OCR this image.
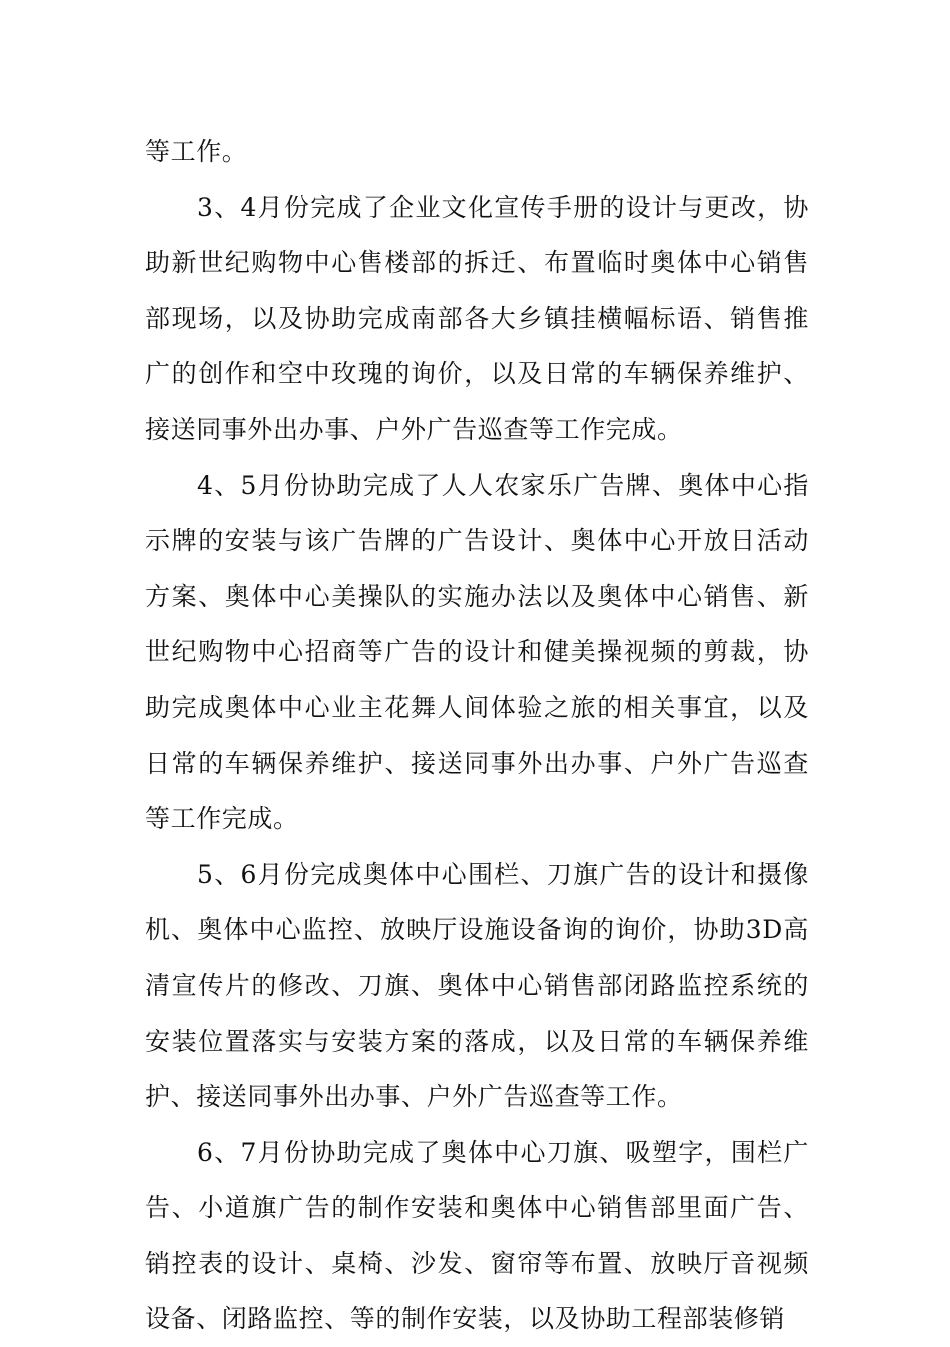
等工作。

3、4月份完成了企业文化宣传手册的设计与更改，协助新世纪购物中心售楼部的拆迁、布置临时奥体中心销售部现场，以及协助完成南部各大乡镇挂横幅标语、销售推广的创作和空中玫瑰的询价，以及日常的车辆保养维护、接送同事外出办事、户外广告巡查等工作完成。

4、5月份协助完成了人人农家乐广告牌、奥体中心指示牌的安装与该广告牌的广告设计、奥体中心开放日活动方案、奥体中心美操队的实施办法以及奥体中心销售、新世纪购物中心招商等广告的设计和健美操视频的剪裁，协助完成奥体中心业主花舞人间体验之旅的相关事宜，以及日常的车辆保养维护、接送同事外出办事、户外广告巡查等工作完成。

5、6月份完成奥体中心围栏、刀旗广告的设计和摄像机、奥体中心监控、放映厅设施设备询的询价，协助3D高清宣传片的修改、刀旗、奥体中心销售部闭路监控系统的安装位置落实与安装方案的落成，以及日常的车辆保养维护、接送同事外出办事、户外广告巡查等工作。

6、7月份协助完成了奥体中心刀旗、吸塑字，围栏广告、小道旗广告的制作安装和奥体中心销售部里面广告、销控表的设计、桌椅、沙发、窗帘等布置、放映厅音视频设备、闭路监控、等的制作安装，以及协助工程部装修销
